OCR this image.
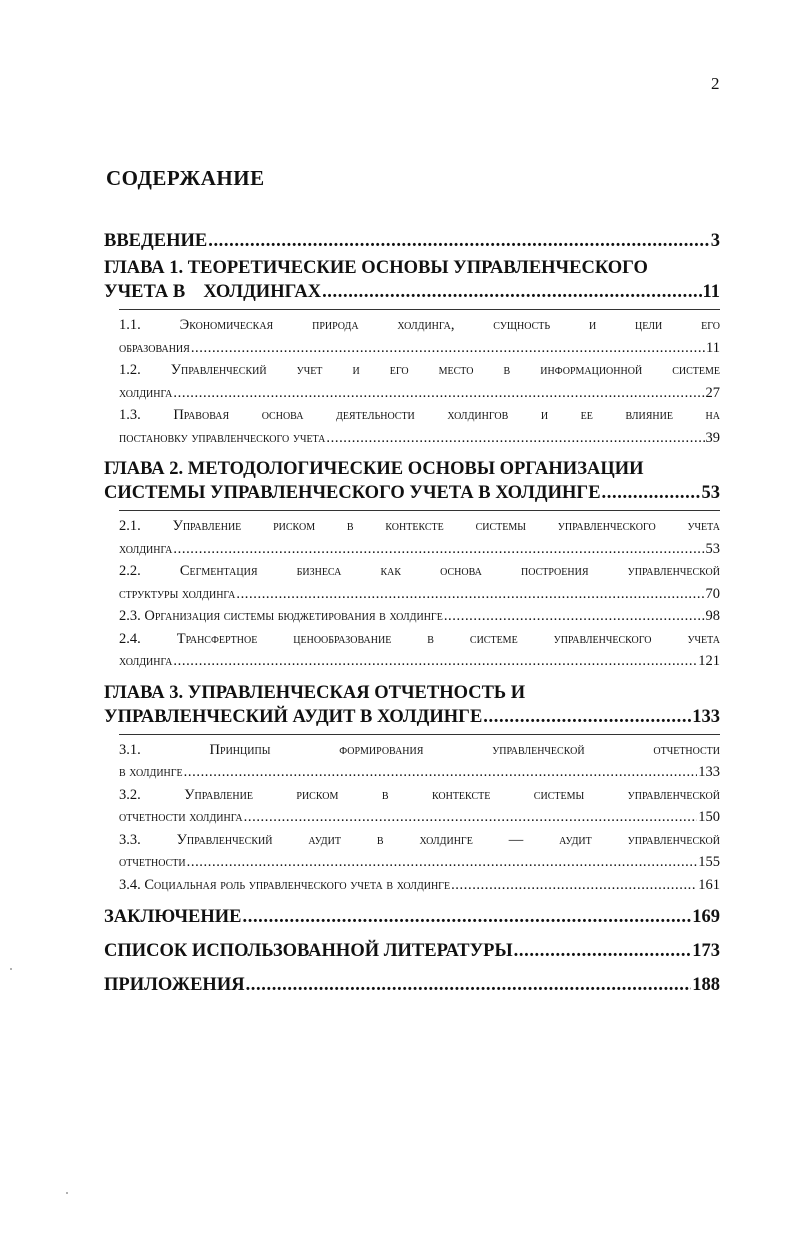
2
СОДЕРЖАНИЕ
ВВЕДЕНИЕ .....	3
ГЛАВА 1. ТЕОРЕТИЧЕСКИЕ ОСНОВЫ УПРАВЛЕНЧЕСКОГО
УЧЕТА В ХОЛДИНГАХ .....	11
1.1. Экономическая природа холдинга, сущность и цели его
образования .....	11
1.2. Управленческий учет и его место в информационной системе
холдинга .....	27
1.3. Правовая основа деятельности холдингов и ее влияние на
постановку управленческого учета .....	39
ГЛАВА 2. МЕТОДОЛОГИЧЕСКИЕ ОСНОВЫ ОРГАНИЗАЦИИ
СИСТЕМЫ УПРАВЛЕНЧЕСКОГО УЧЕТА В ХОЛДИНГЕ .....	53
2.1. Управление риском в контексте системы управленческого учета
холдинга .....	53
2.2. Сегментация бизнеса как основа построения управленческой
структуры холдинга .....	70
2.3. Организация системы бюджетирования в холдинге .....	98
2.4. Трансфертное ценообразование в системе управленческого учета
холдинга .....	121
ГЛАВА 3. УПРАВЛЕНЧЕСКАЯ ОТЧЕТНОСТЬ И
УПРАВЛЕНЧЕСКИЙ АУДИТ В ХОЛДИНГЕ .....	133
3.1. Принципы формирования управленческой отчетности
в холдинге .....	133
3.2. Управление риском в контексте системы управленческой
отчетности холдинга .....	150
3.3. Управленческий аудит в холдинге — аудит управленческой
отчетности .....	155
3.4. Социальная роль управленческого учета в холдинге .....	161
ЗАКЛЮЧЕНИЕ .....	169
СПИСОК ИСПОЛЬЗОВАННОЙ ЛИТЕРАТУРЫ .....	173
ПРИЛОЖЕНИЯ .....	188
